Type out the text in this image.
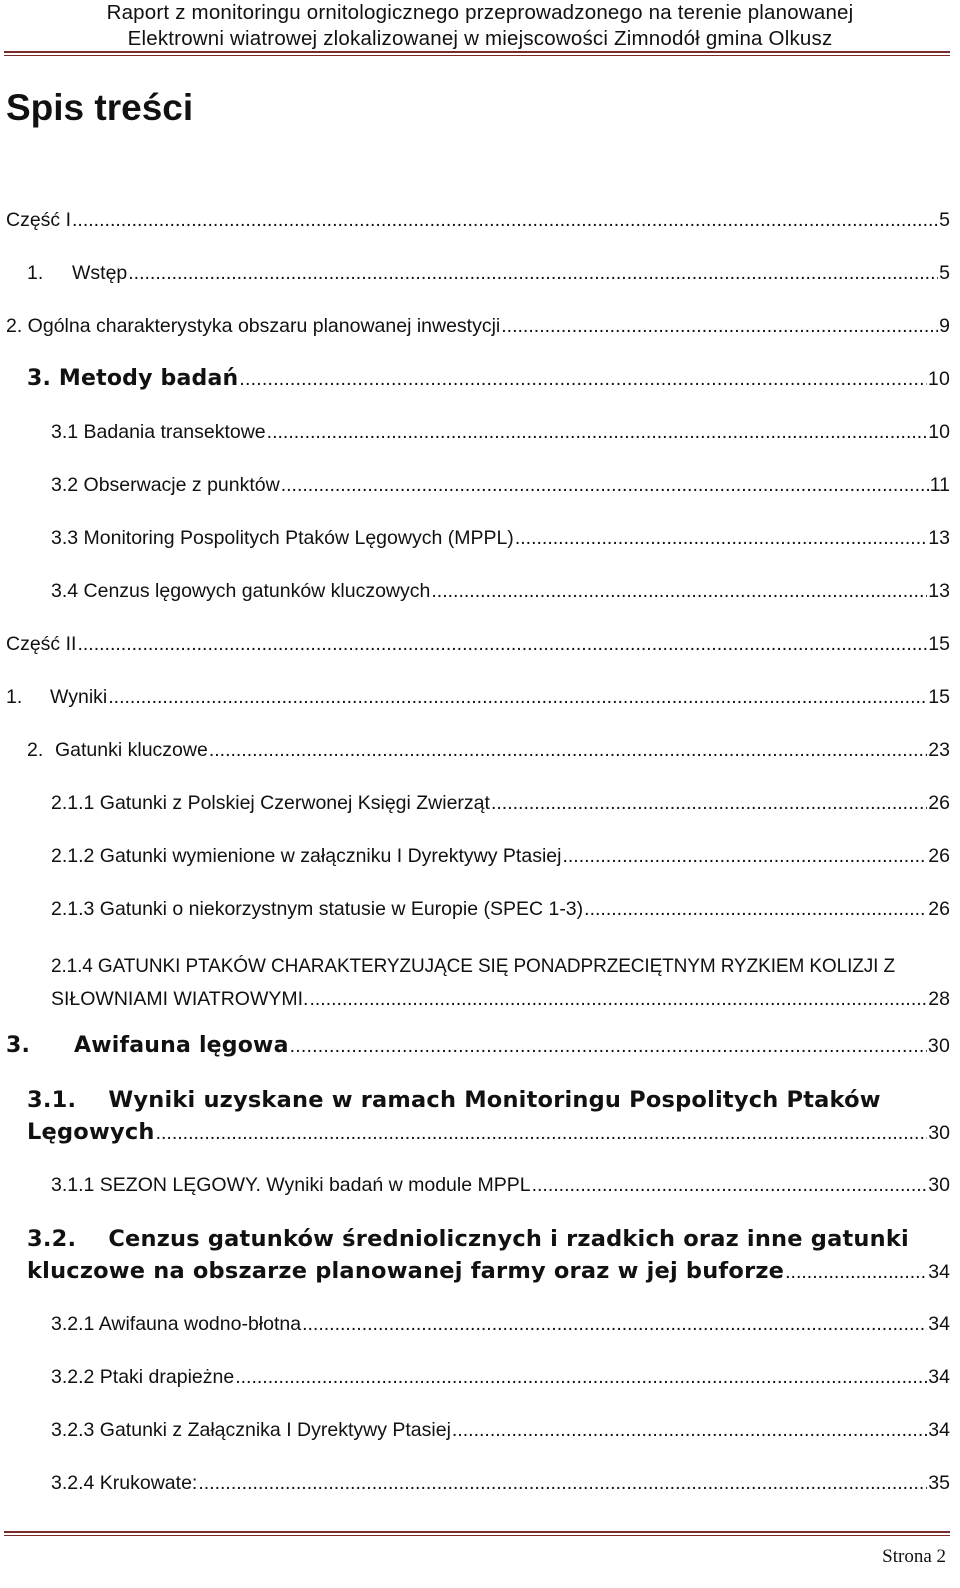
Raport z monitoringu ornitologicznego przeprowadzonego na terenie planowanej

Elektrowni wiatrowej zlokalizowanej w miejscowości Zimnodół gmina Olkusz

Spis treści
Część I .....	5
1.	Wstęp .....	5
2. Ogólna charakterystyka obszaru planowanej inwestycji .....	9
3. Metody badań .....	10
3.1 Badania transektowe .....	10
3.2 Obserwacje z punktów .....	11
3.3 Monitoring Pospolitych Ptaków Lęgowych (MPPL) .....	13
3.4 Cenzus lęgowych gatunków kluczowych .....	13
Część II .....	15
1.	Wyniki .....	15
2. Gatunki kluczowe .....	23
2.1.1 Gatunki z Polskiej Czerwonej Księgi Zwierząt .....	26
2.1.2 Gatunki wymienione w załączniku I Dyrektywy Ptasiej .....	26
2.1.3 Gatunki o niekorzystnym statusie w Europie (SPEC 1-3) .....	26
2.1.4 GATUNKI PTAKÓW CHARAKTERYZUJĄCE SIĘ PONADPRZECIĘTNYM RYZKIEM KOLIZJI Z
SIŁOWNIAMI WIATROWYMI. .....	28
3.	Awifauna lęgowa .....	30
3.1.    Wyniki uzyskane w ramach Monitoringu Pospolitych Ptaków
Lęgowych .....	30
3.1.1 SEZON LĘGOWY. Wyniki badań w module MPPL .....	30
3.2.    Cenzus gatunków średniolicznych i rzadkich oraz inne gatunki
kluczowe na obszarze planowanej farmy oraz w jej buforze .....	34
3.2.1 Awifauna wodno-błotna .....	34
3.2.2 Ptaki drapieżne .....	34
3.2.3 Gatunki z Załącznika I Dyrektywy Ptasiej .....	34
3.2.4 Krukowate: .....	35
Strona 2
